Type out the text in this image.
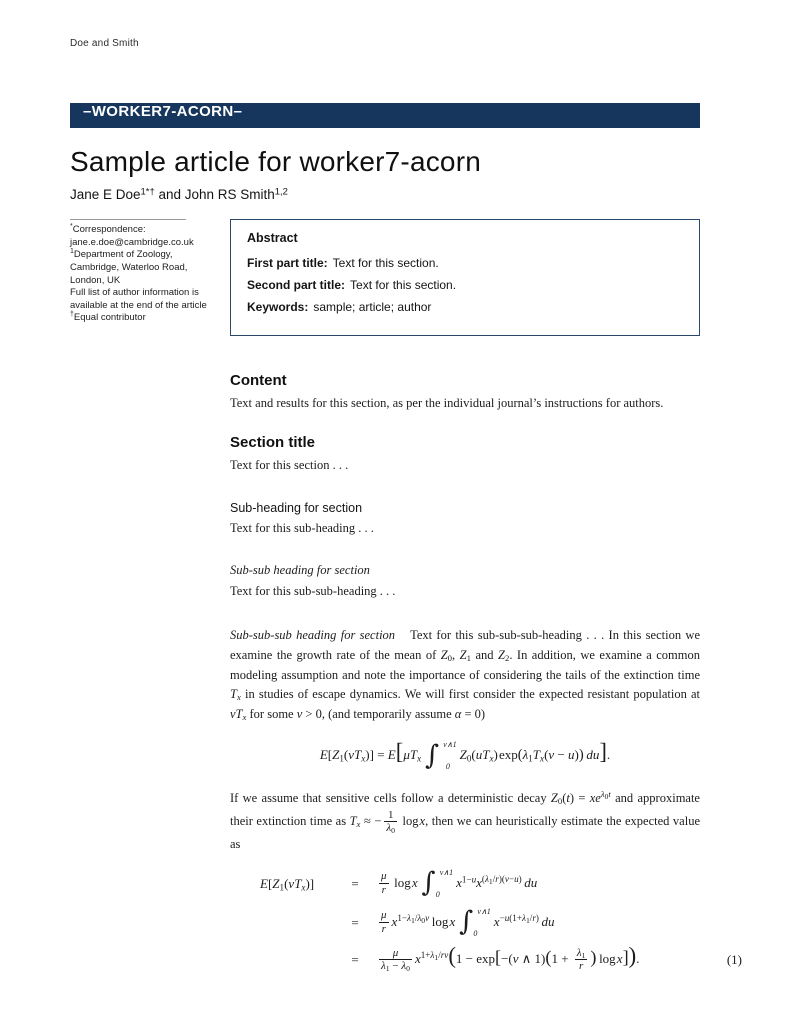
Doe and Smith
–WORKER7-ACORN–
Sample article for worker7-acorn
Jane E Doe$^{1*\dagger}$ and John RS Smith$^{1,2}$
*Correspondence:
jane.e.doe@cambridge.co.uk
$^1$Department of Zoology,
Cambridge, Waterloo Road,
London, UK
Full list of author information is
available at the end of the article
†Equal contributor
Abstract
First part title: Text for this section.
Second part title: Text for this section.
Keywords: sample; article; author
Content

Text and results for this section, as per the individual journal’s instructions for authors.

Section title

Text for this section . . .

Sub-heading for section

Text for this sub-heading . . .

Sub-sub heading for section

Text for this sub-sub-heading . . .

Sub-sub-sub heading for section Text for this sub-sub-sub-heading . . . In this section we examine the growth rate of the mean of $Z_0$, $Z_1$ and $Z_2$. In addition, we examine a common modeling assumption and note the importance of considering the tails of the extinction time $T_x$ in studies of escape dynamics. We will first consider the expected resistant population at $vT_x$ for some v > 0, (and temporarily assume α = 0)

$E[Z_1(vT_x)] = E[\mu T_x$ ∫ v∧1
0
$Z_0(uT_x)$ $\exp(\lambda_1T_x(v - u))$  du].

If we assume that sensitive cells follow a deterministic decay $Z_0(t) = xe^{\lambda_0t}$ and approximate their extinction time as $T_x$ ≈ − $\frac{1}{\lambda_0}$  log x, then we can heuristically estimate the expected value as

$E[Z_1(vT_x)]$	=	$\frac{\mu}{r}$  log x ∫ v∧1
0
$x^{1-u}x^{(\lambda_1/r)(v-u)}$  du
=	$\frac{\mu}{r} x^{1-\lambda_1/\lambda_0v}$ log x ∫ v∧1
0
$x^{-u(1+\lambda_1/r)}$  du
=	$\frac{\mu}{\lambda_1 - \lambda_0} x^{1+\lambda_1/rv}(1 - \exp[-(v$ ∧ $1)(1 + \frac{\lambda_1}{r}$ ) log x]).	(1)
